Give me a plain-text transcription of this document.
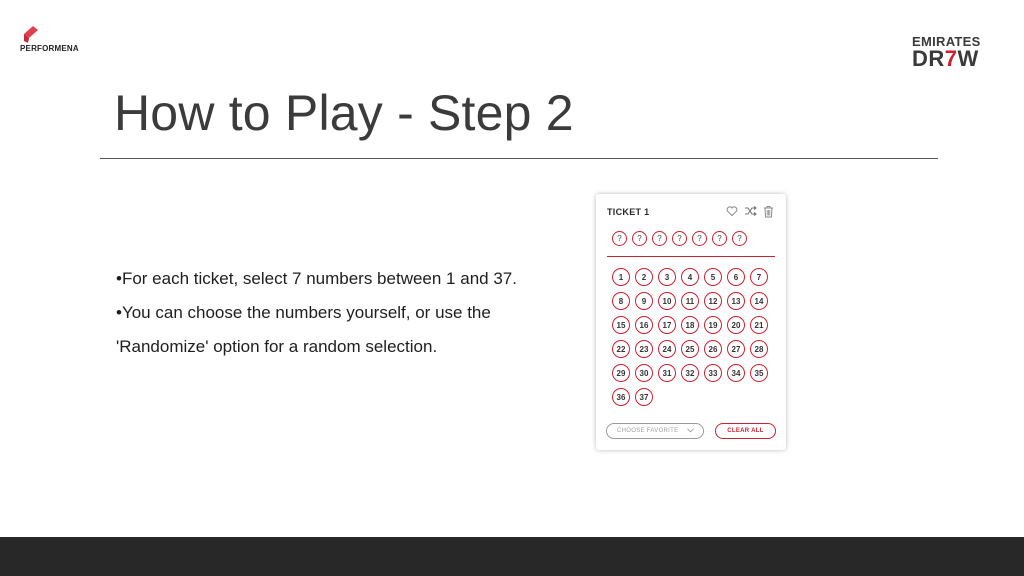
PERFORMENA	EMIRATES
DR7W
How to Play - Step 2

•For each ticket, select 7 numbers between 1 and 37.

•You can choose the numbers yourself, or use the

'Randomize' option for a random selection.

TICKET 1
?	?	?	?	?	?	?
1	2	3	4	5	6	7
8	9	10	11	12	13	14
15	16	17	18	19	20	21
22	23	24	25	26	27	28
29	30	31	32	33	34	35
36	37
CHOOSE FAVORITE	CLEAR ALL
